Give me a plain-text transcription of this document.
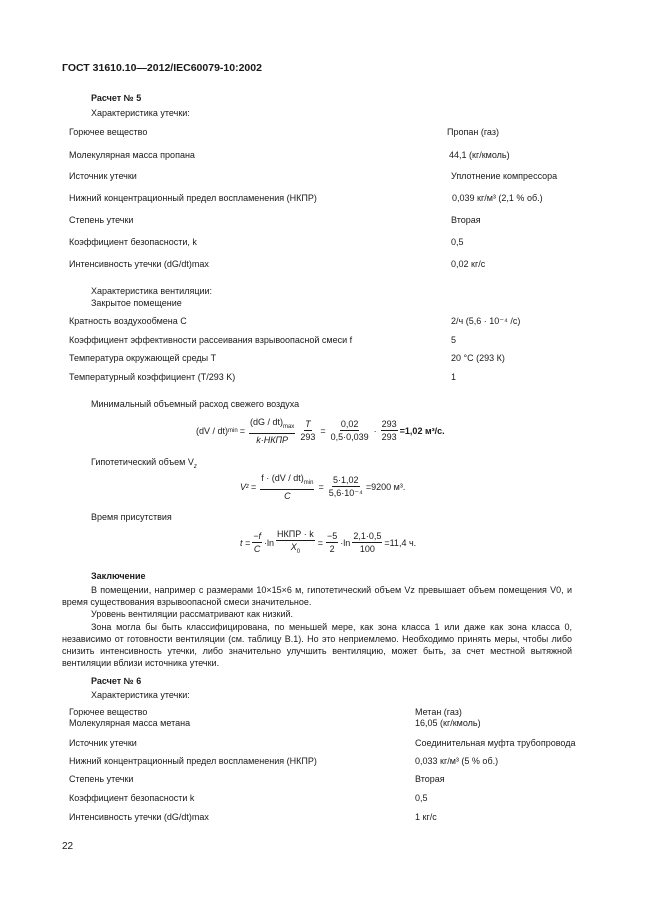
ГОСТ 31610.10—2012/IEC60079-10:2002
Расчет № 5
Характеристика утечки:
Горючее вещество	Пропан (газ)
Молекулярная масса пропана	44,1 (кг/кмоль)
Источник утечки	Уплотнение компрессора
Нижний концентрационный предел воспламенения (НКПР)	0,039 кг/м³ (2,1 % об.)
Степень утечки	Вторая
Коэффициент безопасности, k	0,5
Интенсивность утечки (dG/dt)max	0,02 кг/с
Характеристика вентиляции:
Закрытое помещение
Кратность воздухообмена C	2/ч (5,6 · 10⁻⁴ /c)
Коэффициент эффективности рассеивания взрывоопасной смеси f	5
Температура окружающей среды T	20 °C (293 К)
Температурный коэффициент (T/293 K)	1
Минимальный объемный расход свежего воздуха
(dV / dt) $\min = \frac{(dG / dt)_{max}}{\text{k·НКПР}} \frac{T}{293} = \frac{0,02}{0,5\cdot 0,039} \cdot \frac{293}{293} =1,02$ м³/с.
Гипотетический объем $V_z$
V $z = \frac{f \cdot (dV / dt)_{min}}{C} = \frac{5\cdot 1,02}{\text{5,6·10⁻⁴}} =9200$ м³.
Время присутствия
$t = \frac{-f}{C} \cdot\ln \frac{\text{НКПР · k}}{X_0} = \frac{-5}{2} \cdot\ln \frac{2,1\cdot 0,5}{100} =11,4$ ч.
Заключение

В помещении, например с размерами 10×15×6 м, гипотетический объем Vz превышает объем помещения V0, и время существования взрывоопасной смеси значительное.

Уровень вентиляции рассматривают как низкий.

Зона могла бы быть классифицирована, по меньшей мере, как зона класса 1 или даже как зона класса 0, независимо от готовности вентиляции (см. таблицу В.1). Но это неприемлемо. Необходимо принять меры, чтобы либо снизить интенсивность утечки, либо значительно улучшить вентиляцию, может быть, за счет местной вытяжной вентиляции вблизи источника утечки.

Расчет № 6
Характеристика утечки:
Горючее вещество	Метан (газ)
Молекулярная масса метана	16,05 (кг/кмоль)
Источник утечки	Соединительная муфта трубопровода
Нижний концентрационный предел воспламенения (НКПР)	0,033 кг/м³ (5 % об.)
Степень утечки	Вторая
Коэффициент безопасности k	0,5
Интенсивность утечки (dG/dt)max	1 кг/с
22
